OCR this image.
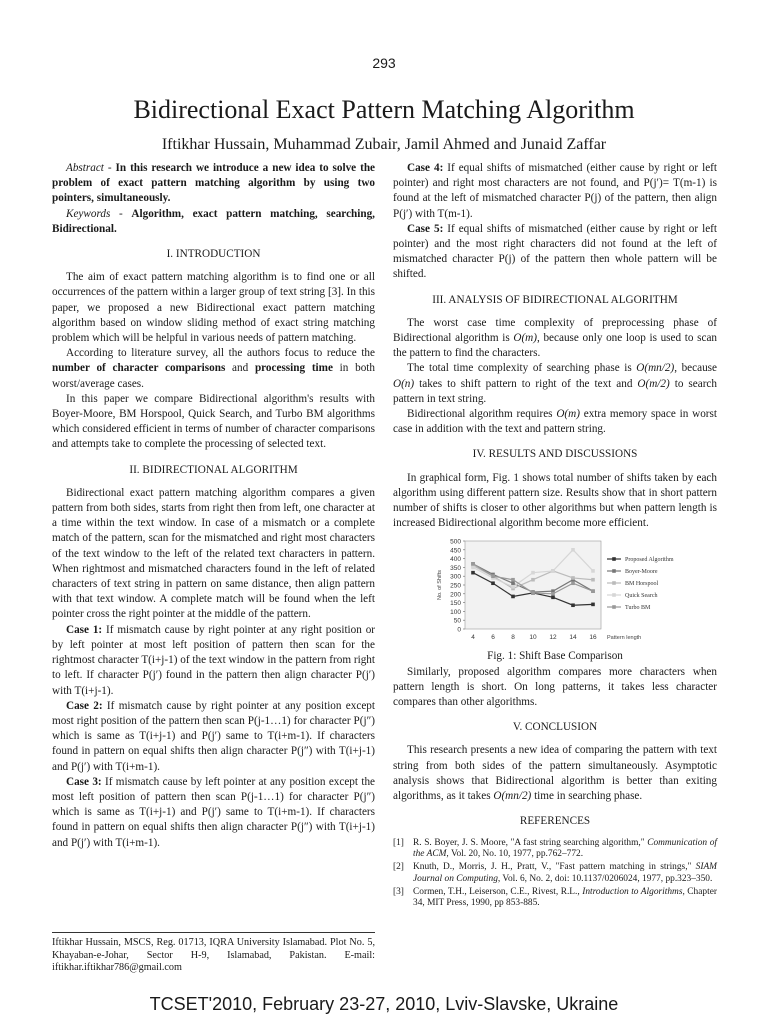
293
Bidirectional Exact Pattern Matching Algorithm
Iftikhar Hussain, Muhammad Zubair, Jamil Ahmed and Junaid Zaffar

Abstract - In this research we introduce a new idea to solve the problem of exact pattern matching algorithm by using two pointers, simultaneously.

Keywords - Algorithm, exact pattern matching, searching, Bidirectional.

I. INTRODUCTION

The aim of exact pattern matching algorithm is to find one or all occurrences of the pattern within a larger group of text string [3]. In this paper, we proposed a new Bidirectional exact pattern matching algorithm based on window sliding method of exact string matching problem which will be helpful in various needs of pattern matching.

According to literature survey, all the authors focus to reduce the number of character comparisons and processing time in both worst/average cases.

In this paper we compare Bidirectional algorithm's results with Boyer-Moore, BM Horspool, Quick Search, and Turbo BM algorithms which considered efficient in terms of number of character comparisons and attempts take to complete the processing of selected text.

II. BIDIRECTIONAL ALGORITHM

Bidirectional exact pattern matching algorithm compares a given pattern from both sides, starts from right then from left, one character at a time within the text window. In case of a mismatch or a complete match of the pattern, scan for the mismatched and right most characters of the text window to the left of the related text characters in pattern. When rightmost and mismatched characters found in the left of related characters of text string in pattern on same distance, then align pattern with that text window. A complete match will be found when the left pointer cross the right pointer at the middle of the pattern.

Case 1: If mismatch cause by right pointer at any right position or by left pointer at most left position of pattern then scan for the rightmost character T(i+j-1) of the text window in the pattern from right to left. If character P(j′) found in the pattern then align character P(j′) with T(i+j-1).

Case 2: If mismatch cause by right pointer at any position except most right position of the pattern then scan P(j-1…1) for character P(j″) which is same as T(i+j-1) and P(j′) same to T(i+m-1). If characters found in pattern on equal shifts then align character P(j″) with T(i+j-1) and P(j′) with T(i+m-1).

Case 3: If mismatch cause by left pointer at any position except the most left position of pattern then scan P(j-1…1) for character P(j″) which is same as T(i+j-1) and P(j′) same to T(i+m-1). If characters found in pattern on equal shifts then align character P(j″) with T(i+j-1) and P(j′) with T(i+m-1).

Iftikhar Hussain, MSCS, Reg. 01713, IQRA University Islamabad. Plot No. 5, Khayaban-e-Johar, Sector H-9, Islamabad, Pakistan. E-mail: iftikhar.iftikhar786@gmail.com

Case 4: If equal shifts of mismatched (either cause by right or left pointer) and right most characters are not found, and P(j′)= T(m-1) is found at the left of mismatched character P(j) of the pattern, then align P(j′) with T(m-1).

Case 5: If equal shifts of mismatched (either cause by right or left pointer) and the most right characters did not found at the left of mismatched character P(j) of the pattern then whole pattern will be shifted.

III. ANALYSIS OF BIDIRECTIONAL ALGORITHM

The worst case time complexity of preprocessing phase of Bidirectional algorithm is O(m), because only one loop is used to scan the pattern to find the characters.

The total time complexity of searching phase is O(mn/2), because O(n) takes to shift pattern to right of the text and O(m/2) to search pattern in text string.

Bidirectional algorithm requires O(m) extra memory space in worst case in addition with the text and pattern string.

IV. RESULTS AND DISCUSSIONS

In graphical form, Fig. 1 shows total number of shifts taken by each algorithm using different pattern size. Results show that in short pattern number of shifts is closer to other algorithms but when pattern length is increased Bidirectional algorithm become more efficient.

0
50
100
150
200
250
300
350
400
450
500
4	6	8 10 12 14 16
No. of Shifts
Pattern length
Proposed Algorithm
Boyer-Moore
BM Horspool
Quick Search
Turbo BM
Fig. 1: Shift Base Comparison

Similarly, proposed algorithm compares more characters when pattern length is short. On long patterns, it takes less character compares than other algorithms.

V. CONCLUSION

This research presents a new idea of comparing the pattern with text string from both sides of the pattern simultaneously. Asymptotic analysis shows that Bidirectional algorithm is better than exiting algorithms, as it takes O(mn/2) time in searching phase.

REFERENCES
[1] R. S. Boyer, J. S. Moore, "A fast string searching algorithm," Communication of the ACM, Vol. 20, No. 10, 1977, pp.762–772.
[2] Knuth, D., Morris, J. H., Pratt, V., "Fast pattern matching in strings," SIAM Journal on Computing, Vol. 6, No. 2, doi: 10.1137/0206024, 1977, pp.323–350.
[3] Cormen, T.H., Leiserson, C.E., Rivest, R.L., Introduction to Algorithms, Chapter 34, MIT Press, 1990, pp 853-885.
TCSET'2010, February 23-27, 2010, Lviv-Slavske, Ukraine
